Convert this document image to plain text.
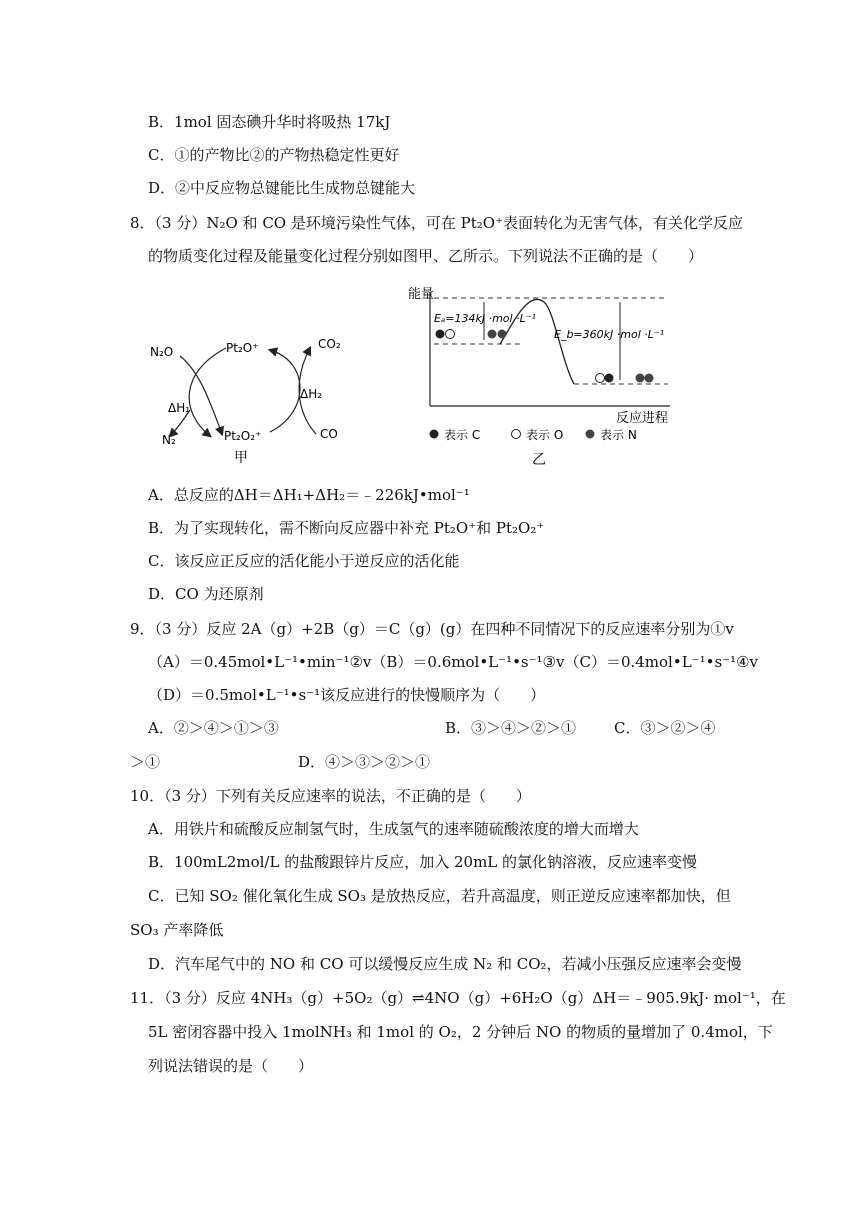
B．1mol 固态碘升华时将吸热 17kJ
C．①的产物比②的产物热稳定性更好
D．②中反应物总键能比生成物总键能大
8．（3 分）N₂O 和 CO 是环境污染性气体，可在 Pt₂O⁺表面转化为无害气体，有关化学反应
的物质变化过程及能量变化过程分别如图甲、乙所示。下列说法不正确的是（　　）
N₂O	Pt₂O⁺	CO₂
ΔH₁
ΔH₂
N₂	Pt₂O₂⁺	CO
甲
能量
反应进程
Eₐ=134kJ ·mol ·L⁻¹
E_b=360kJ ·mol ·L⁻¹
表示 C	表示 O	表示 N
乙
A．总反应的ΔH＝ΔH₁+ΔH₂＝﹣226kJ•mol⁻¹
B．为了实现转化，需不断向反应器中补充 Pt₂O⁺和 Pt₂O₂⁺
C．该反应正反应的活化能小于逆反应的活化能
D．CO 为还原剂
9．（3 分）反应 2A（g）+2B（g）＝C（g）(g）在四种不同情况下的反应速率分别为①v
（A）＝0.45mol•L⁻¹•min⁻¹②v（B）＝0.6mol•L⁻¹•s⁻¹③v（C）＝0.4mol•L⁻¹•s⁻¹④v
（D）＝0.5mol•L⁻¹•s⁻¹该反应进行的快慢顺序为（　　）
A．②＞④＞①＞③	B．③＞④＞②＞①	C．③＞②＞④
＞①	D．④＞③＞②＞①
10．（3 分）下列有关反应速率的说法，不正确的是（　　）
A．用铁片和硫酸反应制氢气时，生成氢气的速率随硫酸浓度的增大而增大
B．100mL2mol/L 的盐酸跟锌片反应，加入 20mL 的氯化钠溶液，反应速率变慢
C．已知 SO₂ 催化氧化生成 SO₃ 是放热反应，若升高温度，则正逆反应速率都加快，但
SO₃ 产率降低
D．汽车尾气中的 NO 和 CO 可以缓慢反应生成 N₂ 和 CO₂，若减小压强反应速率会变慢
11．（3 分）反应 4NH₃（g）+5O₂（g）⇌4NO（g）+6H₂O（g）ΔH＝﹣905.9kJ· mol⁻¹，在
5L 密闭容器中投入 1molNH₃ 和 1mol 的 O₂，2 分钟后 NO 的物质的量增加了 0.4mol，下
列说法错误的是（　　）
